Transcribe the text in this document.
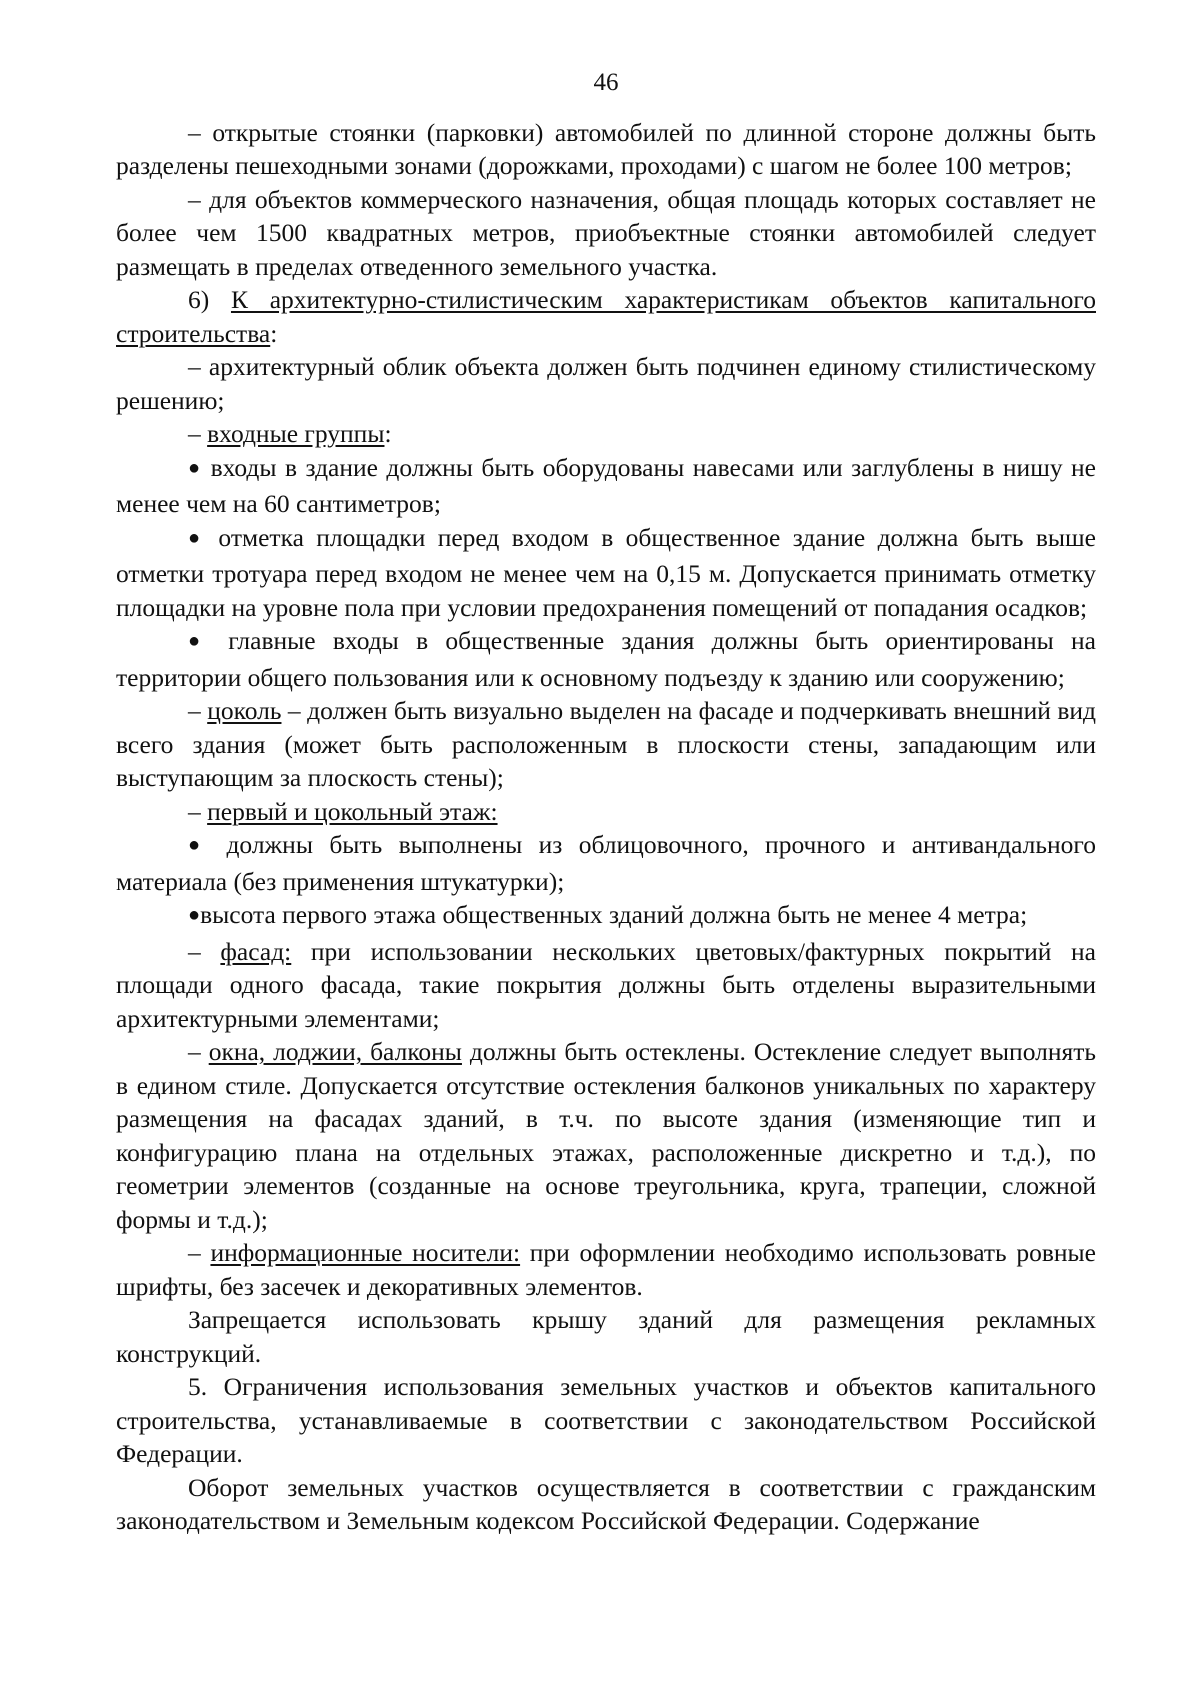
46

– открытые стоянки (парковки) автомобилей по длинной стороне должны быть разделены пешеходными зонами (дорожками, проходами) с шагом не более 100 метров;

– для объектов коммерческого назначения, общая площадь которых составляет не более чем 1500 квадратных метров, приобъектные стоянки автомобилей следует размещать в пределах отведенного земельного участка.

6) К архитектурно-стилистическим характеристикам объектов капитального строительства:

– архитектурный облик объекта должен быть подчинен единому стилистическому решению;

– входные группы:

● входы в здание должны быть оборудованы навесами или заглублены в нишу не менее чем на 60 сантиметров;

● отметка площадки перед входом в общественное здание должна быть выше отметки тротуара перед входом не менее чем на 0,15 м. Допускается принимать отметку площадки на уровне пола при условии предохранения помещений от попадания осадков;

● главные входы в общественные здания должны быть ориентированы на территории общего пользования или к основному подъезду к зданию или сооружению;

– цоколь – должен быть визуально выделен на фасаде и подчеркивать внешний вид всего здания (может быть расположенным в плоскости стены, западающим или выступающим за плоскость стены);

– первый и цокольный этаж:

● должны быть выполнены из облицовочного, прочного и антивандального материала (без применения штукатурки);

●высота первого этажа общественных зданий должна быть не менее 4 метра;

– фасад: при использовании нескольких цветовых/фактурных покрытий на площади одного фасада, такие покрытия должны быть отделены выразительными архитектурными элементами;

– окна, лоджии, балконы должны быть остеклены. Остекление следует выполнять в едином стиле. Допускается отсутствие остекления балконов уникальных по характеру размещения на фасадах зданий, в т.ч. по высоте здания (изменяющие тип и конфигурацию плана на отдельных этажах, расположенные дискретно и т.д.), по геометрии элементов (созданные на основе треугольника, круга, трапеции, сложной формы и т.д.);

– информационные носители: при оформлении необходимо использовать ровные шрифты, без засечек и декоративных элементов.

Запрещается использовать крышу зданий для размещения рекламных конструкций.

5. Ограничения использования земельных участков и объектов капитального строительства, устанавливаемые в соответствии с законодательством Российской Федерации.

Оборот земельных участков осуществляется в соответствии с гражданским законодательством и Земельным кодексом Российской Федерации. Содержание
